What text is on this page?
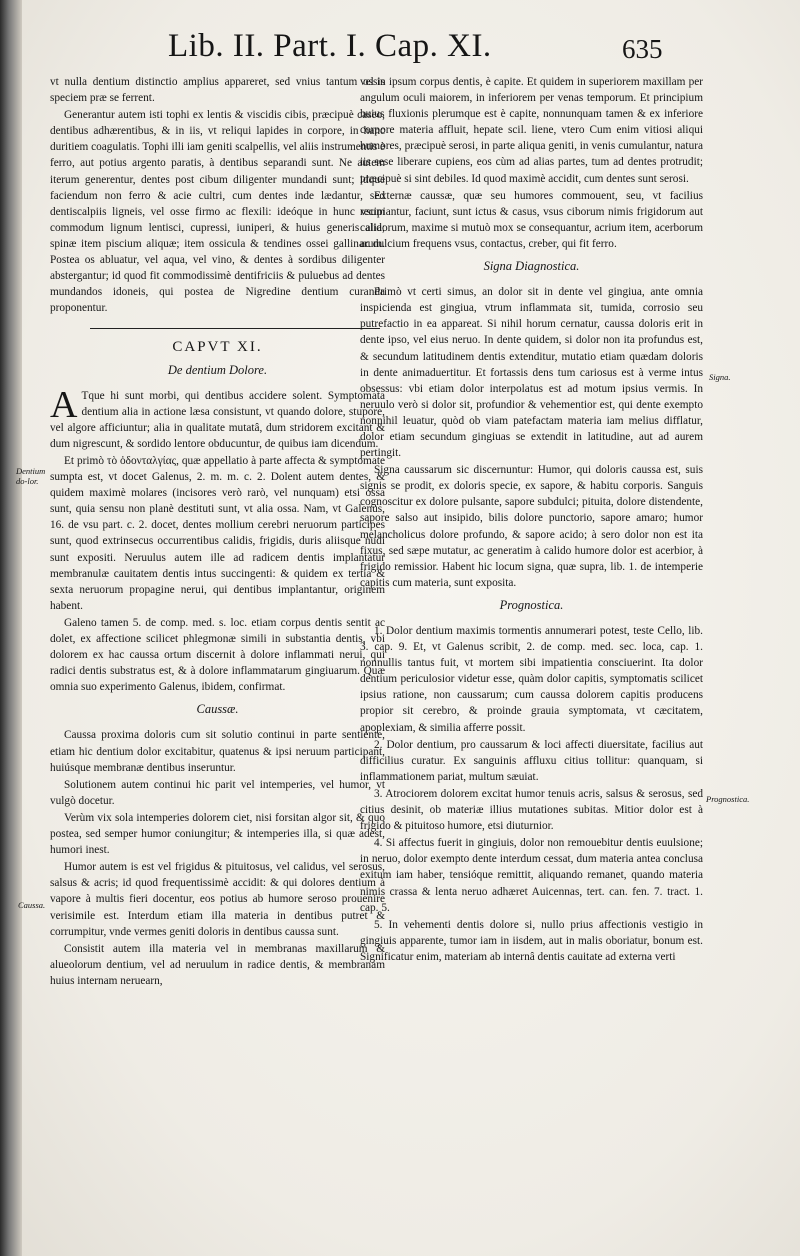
Lib. II. Part. I. Cap. XI.	635
Dentium do-lor.
Caussa.
Signa.
Prognostica.

vt nulla dentium distinctio amplius appareret, sed vnius tantum ossis speciem præ se ferrent.

Generantur autem isti tophi ex lentis & viscidis cibis, præcipuè caseo, dentibus adhærentibus, & in iis, vt reliqui lapides in corpore, in hanc duritiem coagulatis. Tophi illi iam geniti scalpellis, vel aliis instrumentis è ferro, aut potius argento paratis, à dentibus separandi sunt. Ne autem iterum generentur, dentes post cibum diligenter mundandi sunt; idque faciendum non ferro & acie cultri, cum dentes inde lædantur, sed dentiscalpiis ligneis, vel osse firmo ac flexili: ideóque in hunc vsum commodum lignum lentisci, cupressi, iuniperi, & huius generis alia; spinæ item piscium aliquæ; item ossicula & tendines ossei gallinarum. Postea os abluatur, vel aqua, vel vino, & dentes à sordibus diligenter abstergantur; id quod fit commodissimè dentifriciis & puluebus ad dentes mundandos idoneis, qui postea de Nigredine dentium curanda proponentur.

CAPVT XI.
De dentium Dolore.

A Tque hi sunt morbi, qui dentibus accidere solent. Symptomata dentium alia in actione læsa consistunt, vt quando dolore, stupore, vel algore afficiuntur; alia in qualitate mutatâ, dum stridorem excitant & dum nigrescunt, & sordido lentore obducuntur, de quibus iam dicendum.

Et primò τὸ ὀδονταλγίας, quæ appellatio à parte affecta & symptomate sumpta est, vt docet Galenus, 2. m. m. c. 2. Dolent autem dentes, & quidem maximè molares (incisores verò rarò, vel nunquam) etsi ossa sunt, quia sensu non planè destituti sunt, vt alia ossa. Nam, vt Galenus, 16. de vsu part. c. 2. docet, dentes mollium cerebri neruorum participes sunt, quod extrinsecus occurrentibus calidis, frigidis, duris aliisque nudi sunt expositi. Neruulus autem ille ad radicem dentis implantatur membranulæ cauitatem dentis intus succingenti: & quidem ex tertia & sexta neruorum propagine nerui, qui dentibus implantantur, originem habent.

Galeno tamen 5. de comp. med. s. loc. etiam corpus dentis sentit ac dolet, ex affectione scilicet phlegmonæ simili in substantia dentis, vbi dolorem ex hac caussa ortum discernit à dolore inflammati nerui, qui radici dentis substratus est, & à dolore inflammatarum gingiuarum. Quæ omnia suo experimento Galenus, ibidem, confirmat.

Caussæ.

Caussa proxima doloris cum sit solutio continui in parte sentiente, etiam hic dentium dolor excitabitur, quatenus & ipsi neruum participant, huiúsque membranæ dentibus inseruntur.

Solutionem autem continui hic parit vel intemperies, vel humor, vt vulgò docetur.

Verùm vix sola intemperies dolorem ciet, nisi forsitan algor sit, & quo postea, sed semper humor coniungitur; & intemperies illa, si quæ adest, humori inest.

Humor autem is est vel frigidus & pituitosus, vel calidus, vel serosus, salsus & acris; id quod frequentissimè accidit: & qui dolores dentium à vapore à multis fieri docentur, eos potius ab humore seroso prouenire verisimile est. Interdum etiam illa materia in dentibus putret & corrumpitur, vnde vermes geniti doloris in dentibus caussa sunt.

Consistit autem illa materia vel in membranas maxillarum & alueolorum dentium, vel ad neruulum in radice dentis, & membranam huius internam neruearn,

vel in ipsum corpus dentis, è capite. Et quidem in superiorem maxillam per angulum oculi maiorem, in inferiorem per venas temporum. Et principium huius fluxionis plerumque est è capite, nonnunquam tamen & ex inferiore corpore materia affluit, hepate scil. liene, vtero Cum enim vitiosi aliqui humores, præcipuè serosi, in parte aliqua geniti, in venis cumulantur, natura iis sese liberare cupiens, eos cùm ad alias partes, tum ad dentes protrudit; præcipuè si sint debiles. Id quod maximè accidit, cum dentes sunt serosi.

Externæ caussæ, quæ seu humores commouent, seu, vt facilius recipiantur, faciunt, sunt ictus & casus, vsus ciborum nimis frigidorum aut calidorum, maxime si mutuò mox se consequantur, acrium item, acerborum ac dulcium frequens vsus, contactus, creber, qui fit ferro.

Signa Diagnostica.

Primò vt certi simus, an dolor sit in dente vel gingiua, ante omnia inspicienda est gingiua, vtrum inflammata sit, tumida, corrosio seu putrefactio in ea appareat. Si nihil horum cernatur, caussa doloris erit in dente ipso, vel eius neruo. In dente quidem, si dolor non ita profundus est, & secundum latitudinem dentis extenditur, mutatio etiam quædam doloris in dente animaduertitur. Et fortassis dens tum cariosus est à verme intus obsessus: vbi etiam dolor interpolatus est ad motum ipsius vermis. In neruulo verò si dolor sit, profundior & vehementior est, qui dente exempto nonnihil leuatur, quòd ob viam patefactam materia iam melius difflatur, dolor etiam secundum gingiuas se extendit in latitudine, aut ad aurem pertingit.

Signa caussarum sic discernuntur: Humor, qui doloris caussa est, suis signis se prodit, ex doloris specie, ex sapore, & habitu corporis. Sanguis cognoscitur ex dolore pulsante, sapore subdulci; pituita, dolore distendente, sapore salso aut insipido, bilis dolore punctorio, sapore amaro; humor melancholicus dolore profundo, & sapore acido; à sero dolor non est ita fixus, sed sæpe mutatur, ac generatim à calido humore dolor est acerbior, à frigido remissior. Habent hic locum signa, quæ supra, lib. 1. de intemperie capitis cum materia, sunt exposita.

Prognostica.

1. Dolor dentium maximis tormentis annumerari potest, teste Cello, lib. 3. cap. 9. Et, vt Galenus scribit, 2. de comp. med. sec. loca, cap. 1. nonnullis tantus fuit, vt mortem sibi impatientia consciuerint. Ita dolor dentium periculosior videtur esse, quàm dolor capitis, symptomatis scilicet ipsius ratione, non caussarum; cum caussa dolorem capitis producens propior sit cerebro, & proinde grauia symptomata, vt cæcitatem, apoplexiam, & similia afferre possit.

2. Dolor dentium, pro caussarum & loci affecti diuersitate, facilius aut difficilius curatur. Ex sanguinis affluxu citius tollitur: quanquam, si inflammationem pariat, multum sæuiat.

3. Atrociorem dolorem excitat humor tenuis acris, salsus & serosus, sed citius desinit, ob materiæ illius mutationes subitas. Mitior dolor est à frigido & pituitoso humore, etsi diuturnior.

4. Si affectus fuerit in gingiuis, dolor non remouebitur dentis euulsione; in neruo, dolor exempto dente interdum cessat, dum materia antea conclusa exitum iam haber, tensióque remittit, aliquando remanet, quando materia nimis crassa & lenta neruo adhæret Auicennas, tert. can. fen. 7. tract. 1. cap. 5.

5. In vehementi dentis dolore si, nullo prius affectionis vestigio in gingiuis apparente, tumor iam in iisdem, aut in malis oboriatur, bonum est. Significatur enim, materiam ab internâ dentis cauitate ad externa verti
